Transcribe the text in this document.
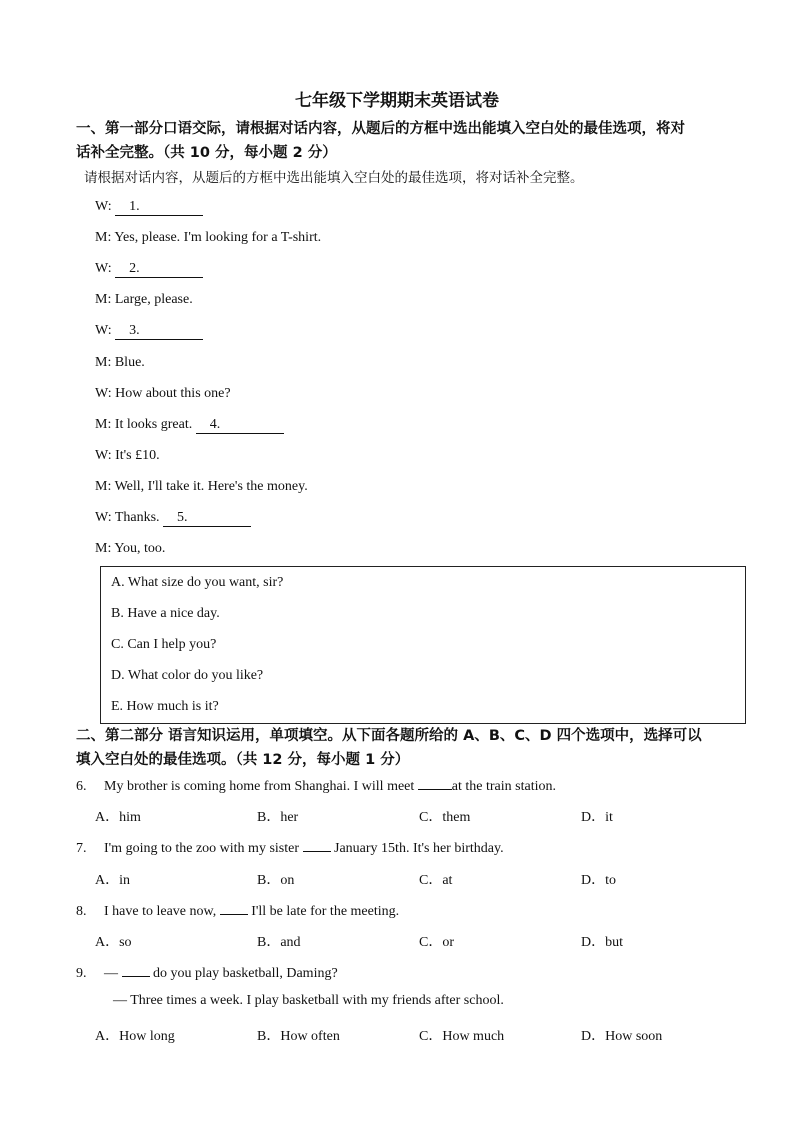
七年级下学期期末英语试卷
一、第一部分口语交际，请根据对话内容，从题后的方框中选出能填入空白处的最佳选项，将对
话补全完整。（共 10 分，每小题 2 分）
请根据对话内容，从题后的方框中选出能填入空白处的最佳选项，将对话补全完整。
W: 1.
M: Yes, please. I'm looking for a T-shirt.
W: 2.
M: Large, please.
W: 3.
M: Blue.
W: How about this one?
M: It looks great. 4.
W: It's £10.
M: Well, I'll take it. Here's the money.
W: Thanks. 5.
M: You, too.
A. What size do you want, sir?
B. Have a nice day.
C. Can I help you?
D. What color do you like?
E. How much is it?
二、第二部分 语言知识运用，单项填空。从下面各题所给的 A、B、C、D 四个选项中，选择可以
填入空白处的最佳选项。（共 12 分，每小题 1 分）
6. My brother is coming home from Shanghai. I will meet at the train station.
A．him	B．her	C．them	D．it
7. I'm going to the zoo with my sister  January 15th. It's her birthday.
A．in	B．on	C．at	D．to
8. I have to leave now,  I'll be late for the meeting.
A．so	B．and	C．or	D．but
9. —  do you play basketball, Daming?
— Three times a week. I play basketball with my friends after school.
A．How long	B．How often	C．How much	D．How soon
